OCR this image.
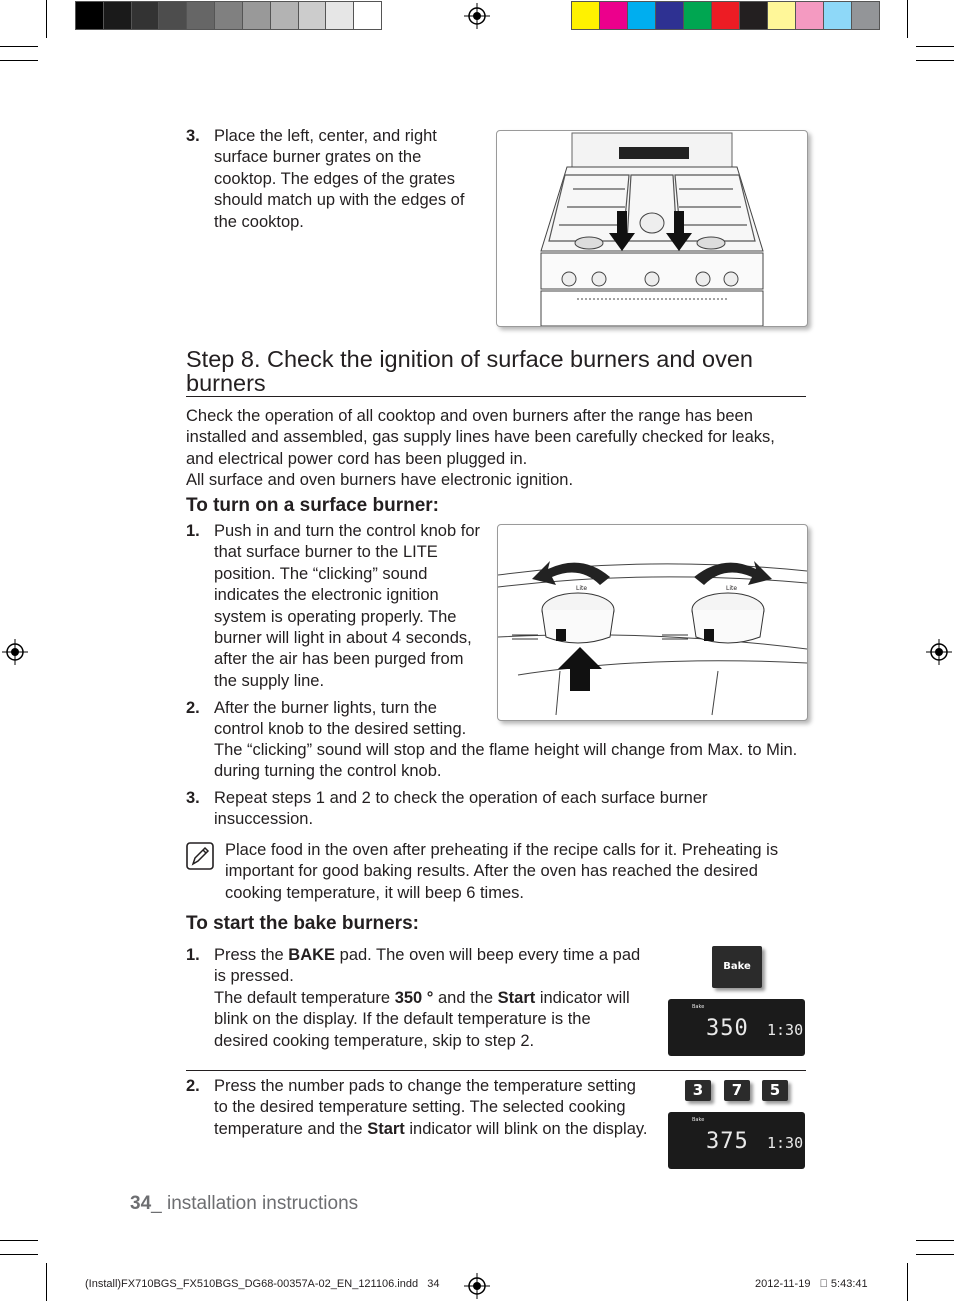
3. Place the left, center, and right surface burner grates on the cooktop. The edges of the grates should match up with the edges of the cooktop.
Step 8. Check the ignition of surface burners and oven burners
Check the operation of all cooktop and oven burners after the range has been installed and assembled, gas supply lines have been carefully checked for leaks, and electrical power cord has been plugged in.
All surface and oven burners have electronic ignition.
To turn on a surface burner:
1. Push in and turn the control knob for that surface burner to the LITE position. The “clicking” sound indicates the electronic ignition system is operating properly. The burner will light in about 4 seconds, after the air has been purged from the supply line.
Lite	Lite
2. After the burner lights, turn the control knob to the desired setting.
The “clicking” sound will stop and the flame height will change from Max. to Min. during turning the control knob.
3. Repeat steps 1 and 2 to check the operation of each surface burner insuccession.
Place food in the oven after preheating if the recipe calls for it. Preheating is important for good baking results. After the oven has reached the desired cooking temperature, it will beep 6 times.
To start the bake burners:
1. Press the BAKE pad. The oven will beep every time a pad is pressed.
The default temperature 350 ° and the Start indicator will blink on the display. If the default temperature is the desired cooking temperature, skip to step 2.
Bake
Bake
350 1:30
2. Press the number pads to change the temperature setting to the desired temperature setting. The selected cooking temperature and the Start indicator will blink on the display.
3	7	5
Bake
375 1:30
34_ installation instructions
(Install)FX710BGS_FX510BGS_DG68-00357A-02_EN_121106.indd   34	2012-11-19     5:43:41
